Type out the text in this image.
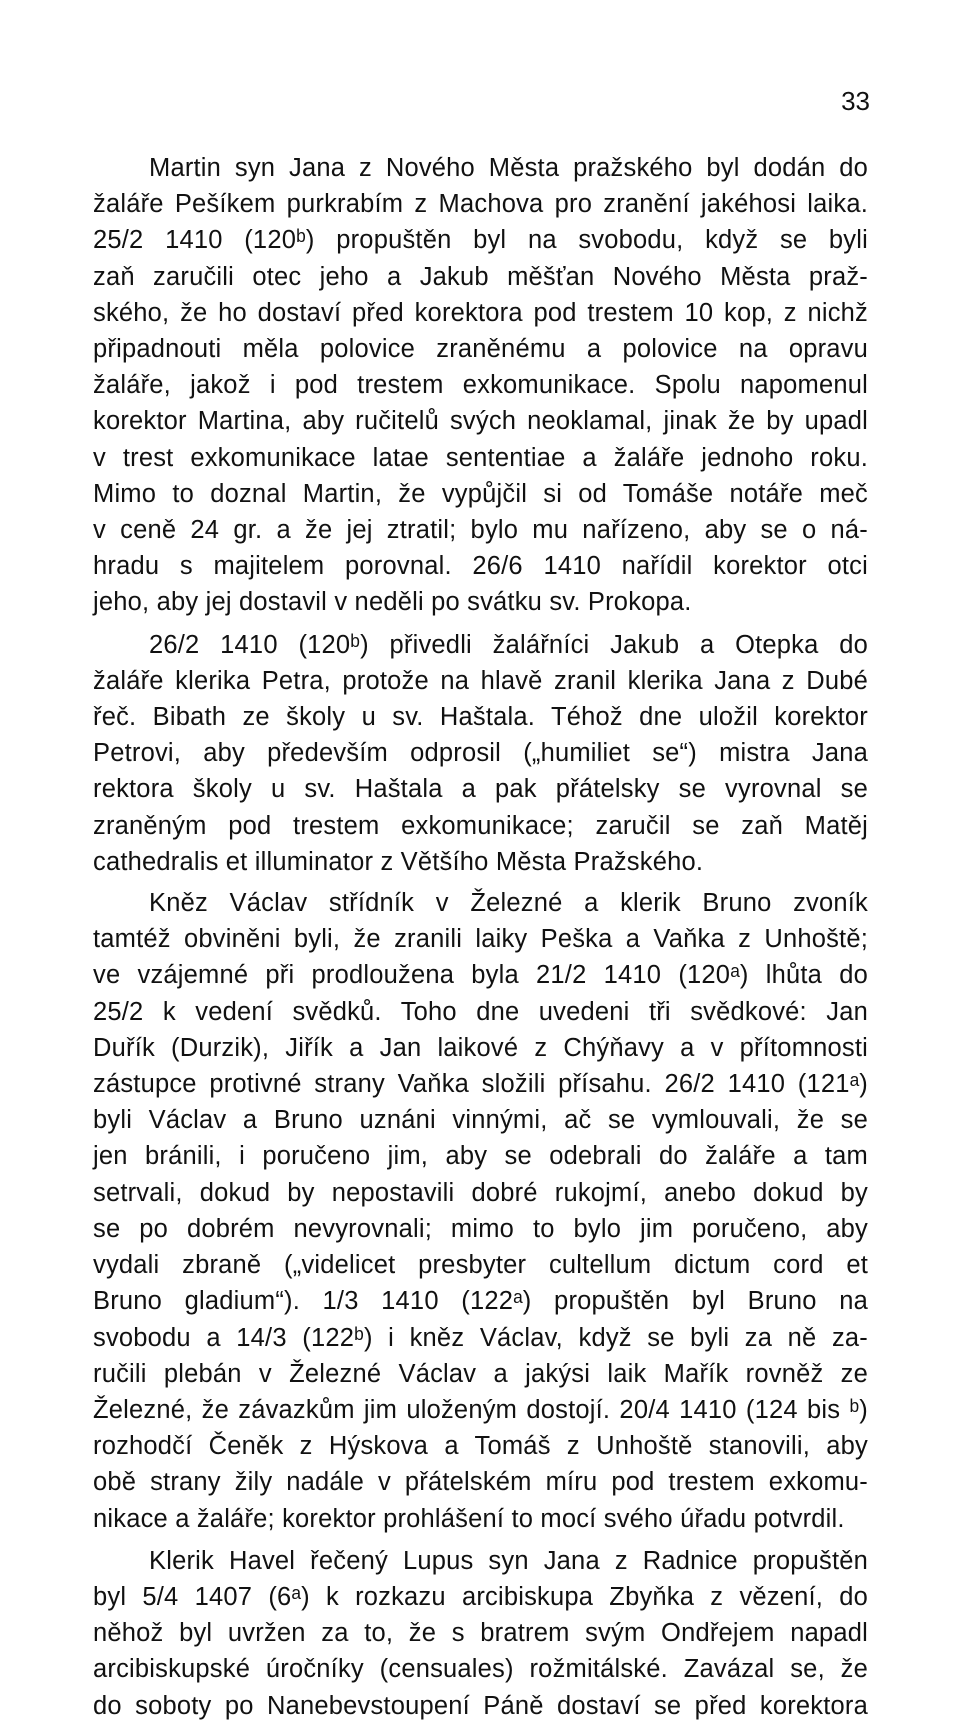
33

Martin syn Jana z Nového Města pražského byl dodán do
žaláře Pešíkem purkrabím z Machova pro zranění jakéhosi laika.
25/2 1410 (120ᵇ) propuštěn byl na svobodu, když se byli
zaň zaručili otec jeho a Jakub měšťan Nového Města praž-
ského, že ho dostaví před korektora pod trestem 10 kop, z nichž
připadnouti měla polovice zraněnému a polovice na opravu
žaláře, jakož i pod trestem exkomunikace. Spolu napomenul
korektor Martina, aby ručitelů svých neoklamal, jinak že by upadl
v trest exkomunikace latae sententiae a žaláře jednoho roku.
Mimo to doznal Martin, že vypůjčil si od Tomáše notáře meč
v ceně 24 gr. a že jej ztratil; bylo mu nařízeno, aby se o ná-
hradu s majitelem porovnal. 26/6 1410 nařídil korektor otci
jeho, aby jej dostavil v neděli po svátku sv. Prokopa.

26/2 1410 (120ᵇ) přivedli žalářníci Jakub a Otepka do
žaláře klerika Petra, protože na hlavě zranil klerika Jana z Dubé
řeč. Bibath ze školy u sv. Haštala. Téhož dne uložil korektor
Petrovi, aby především odprosil („humiliet se“) mistra Jana
rektora školy u sv. Haštala a pak přátelsky se vyrovnal se
zraněným pod trestem exkomunikace; zaručil se zaň Matěj
cathedralis et illuminator z Většího Města Pražského.

Kněz Václav střídník v Železné a klerik Bruno zvoník
tamtéž obviněni byli, že zranili laiky Peška a Vaňka z Unhoště;
ve vzájemné při prodloužena byla 21/2 1410 (120ᵃ) lhůta do
25/2 k vedení svědků. Toho dne uvedeni tři svědkové: Jan
Duřík (Durzik), Jiřík a Jan laikové z Chýňavy a v přítomnosti
zástupce protivné strany Vaňka složili přísahu. 26/2 1410 (121ᵃ)
byli Václav a Bruno uznáni vinnými, ač se vymlouvali, že se
jen bránili, i poručeno jim, aby se odebrali do žaláře a tam
setrvali, dokud by nepostavili dobré rukojmí, anebo dokud by
se po dobrém nevyrovnali; mimo to bylo jim poručeno, aby
vydali zbraně („videlicet presbyter cultellum dictum cord et
Bruno gladium“). 1/3 1410 (122ᵃ) propuštěn byl Bruno na
svobodu a 14/3 (122ᵇ) i kněz Václav, když se byli za ně za-
ručili plebán v Železné Václav a jakýsi laik Mařík rovněž ze
Železné, že závazkům jim uloženým dostojí. 20/4 1410 (124 bis ᵇ)
rozhodčí Čeněk z Hýskova a Tomáš z Unhoště stanovili, aby
obě strany žily nadále v přátelském míru pod trestem exkomu-
nikace a žaláře; korektor prohlášení to mocí svého úřadu potvrdil.

Klerik Havel řečený Lupus syn Jana z Radnice propuštěn
byl 5/4 1407 (6ᵃ) k rozkazu arcibiskupa Zbyňka z vězení, do
něhož byl uvržen za to, že s bratrem svým Ondřejem napadl
arcibiskupské úročníky (censuales) rožmitálské. Zavázal se, že
do soboty po Nanebevstoupení Páně dostaví se před korektora
